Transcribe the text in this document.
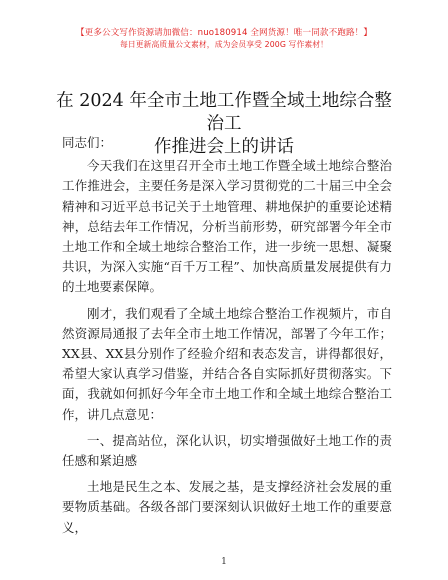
【更多公文写作资源请加微信：nuo180914 全网货源！唯一同款不跑路！】
每日更新高质量公文素材，成为会员享受 200G 写作素材！
在 2024 年全市土地工作暨全域土地综合整治工
作推进会上的讲话

同志们：

今天我们在这里召开全市土地工作暨全域土地综合整治工作推进会，主要任务是深入学习贯彻党的二十届三中全会精神和习近平总书记关于土地管理、耕地保护的重要论述精神，总结去年工作情况，分析当前形势，研究部署今年全市土地工作和全域土地综合整治工作，进一步统一思想、凝聚共识，为深入实施“百千万工程”、加快高质量发展提供有力的土地要素保障。

刚才，我们观看了全域土地综合整治工作视频片，市自然资源局通报了去年全市土地工作情况，部署了今年工作；XX县、XX县分别作了经验介绍和表态发言，讲得都很好，希望大家认真学习借鉴，并结合各自实际抓好贯彻落实。下面，我就如何抓好今年全市土地工作和全域土地综合整治工作，讲几点意见：

一、提高站位，深化认识，切实增强做好土地工作的责任感和紧迫感

土地是民生之本、发展之基，是支撑经济社会发展的重要物质基础。各级各部门要深刻认识做好土地工作的重要意义，

1
